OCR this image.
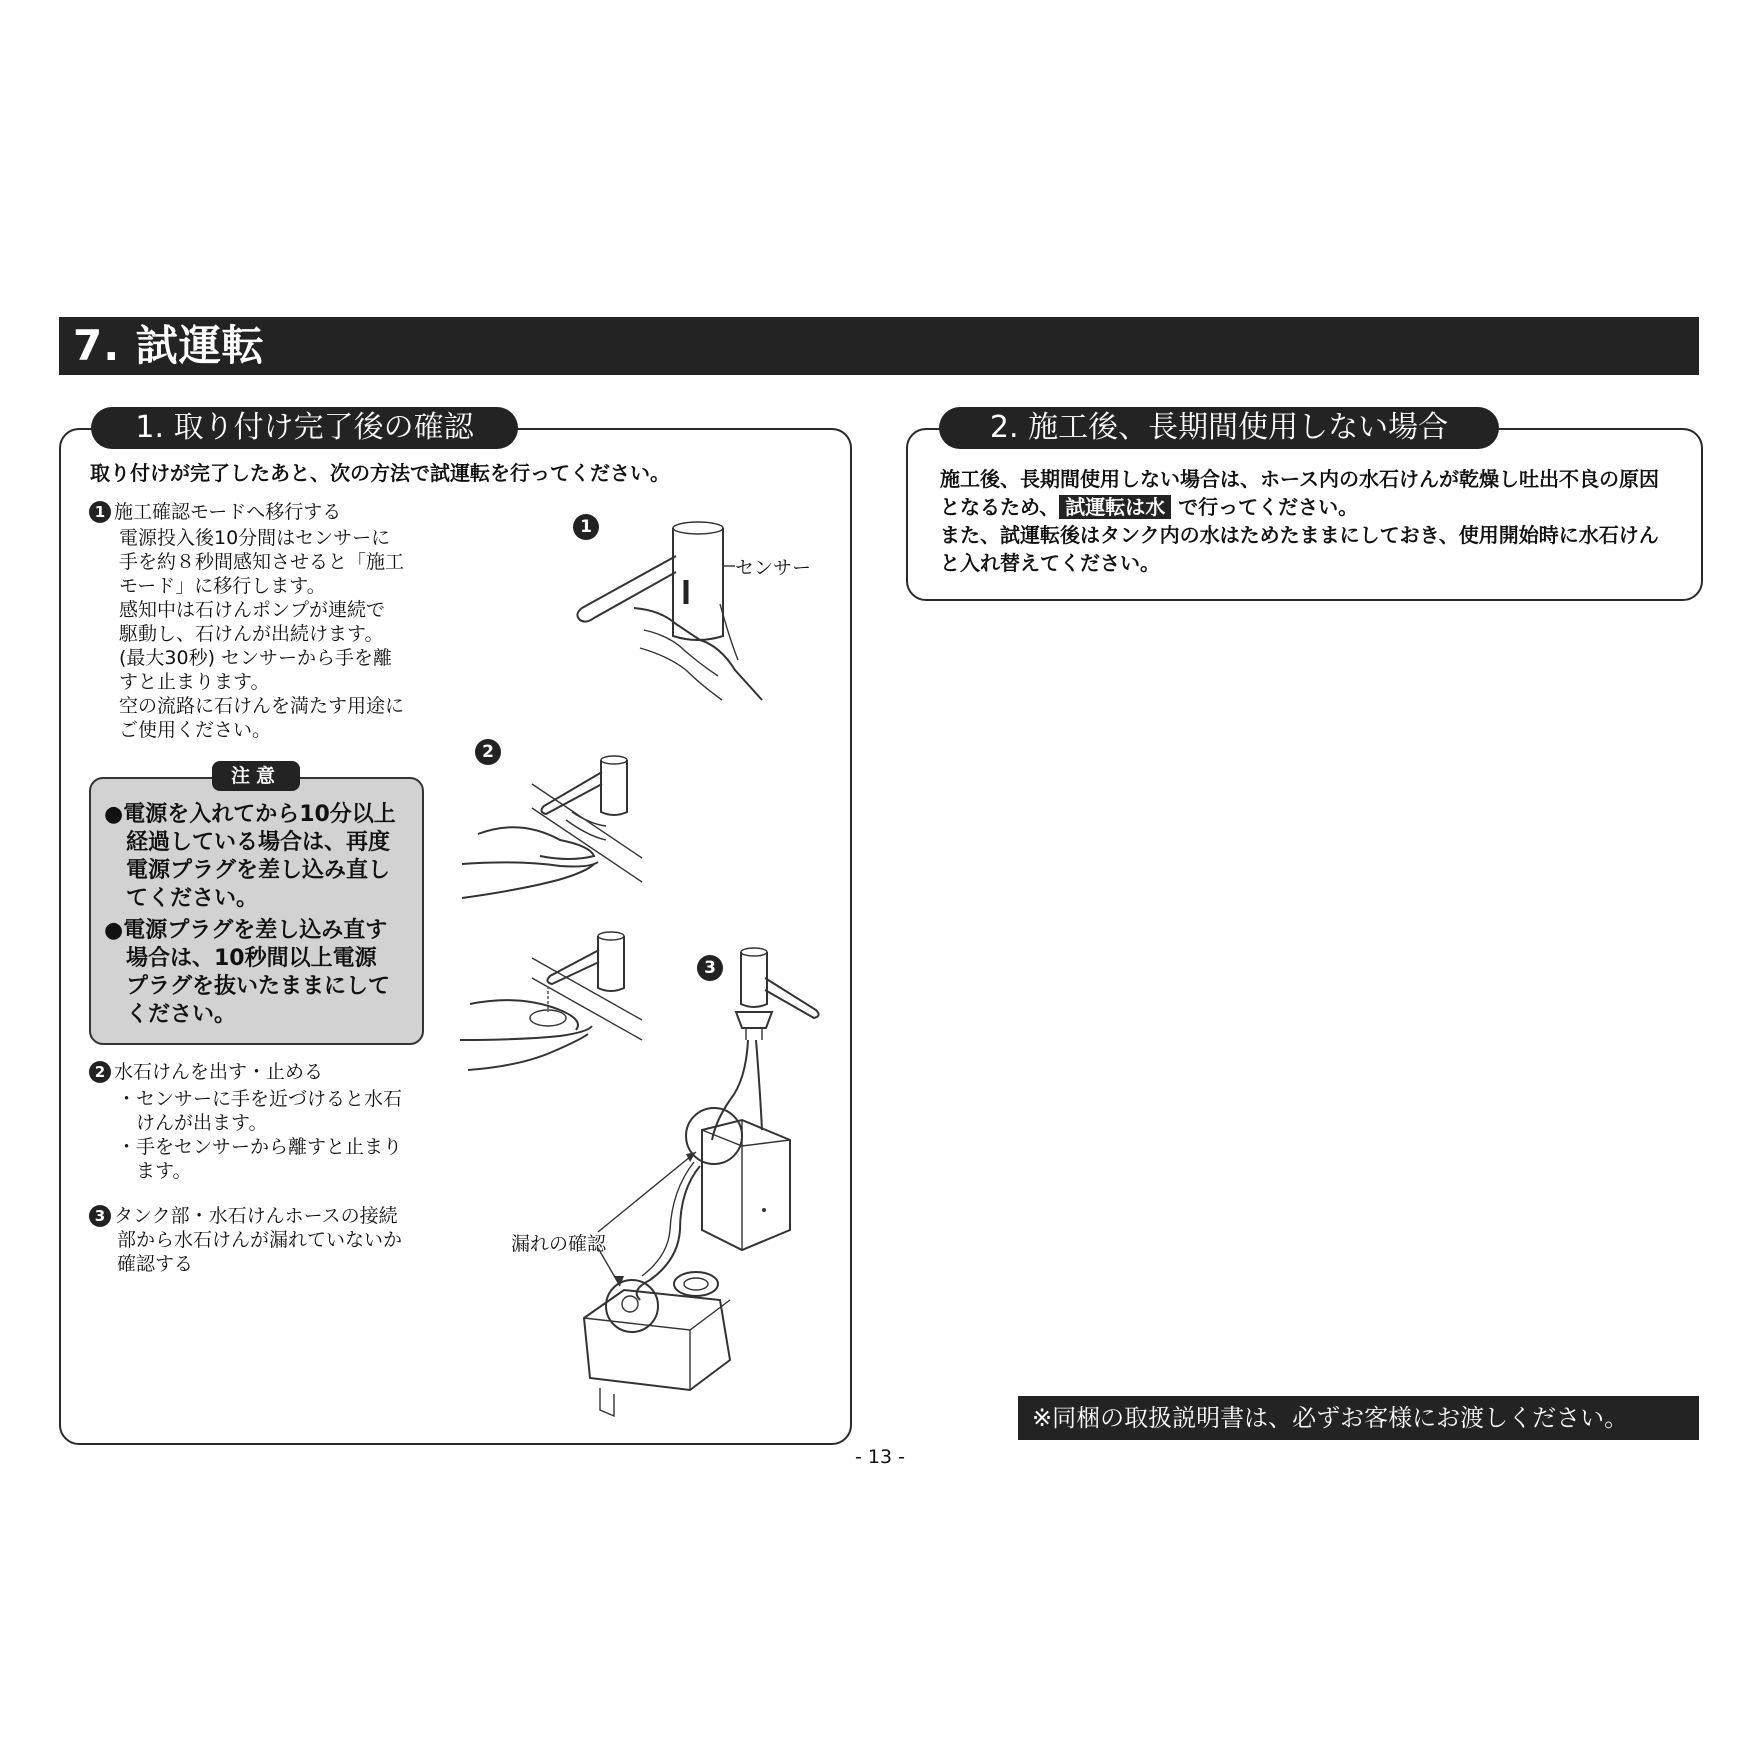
7. 試運転
1. 取り付け完了後の確認
取り付けが完了したあと、次の方法で試運転を行ってください。
1 施工確認モードへ移行する
電源投入後10分間はセンサーに
手を約８秒間感知させると「施工
モード」に移行します。
感知中は石けんポンプが連続で
駆動し、石けんが出続けます。
(最大30秒) センサーから手を離
すと止まります。
空の流路に石けんを満たす用途に
ご使用ください。
注意
●電源を入れてから10分以上
　経過している場合は、再度
　電源プラグを差し込み直し
　てください。
●電源プラグを差し込み直す
　場合は、10秒間以上電源
　プラグを抜いたままにして
　ください。
2 水石けんを出す・止める
・センサーに手を近づけると水石
　けんが出ます。
・手をセンサーから離すと止まり
　ます。
3 タンク部・水石けんホースの接続
部から水石けんが漏れていないか
確認する
1
2
3
センサー
漏れの確認
2. 施工後、長期間使用しない場合
施工後、長期間使用しない場合は、ホース内の水石けんが乾燥し吐出不良の原因
となるため、 試運転は水 で行ってください。
また、試運転後はタンク内の水はためたままにしておき、使用開始時に水石けん
と入れ替えてください。
※同梱の取扱説明書は、必ずお客様にお渡しください。
- 13 -
